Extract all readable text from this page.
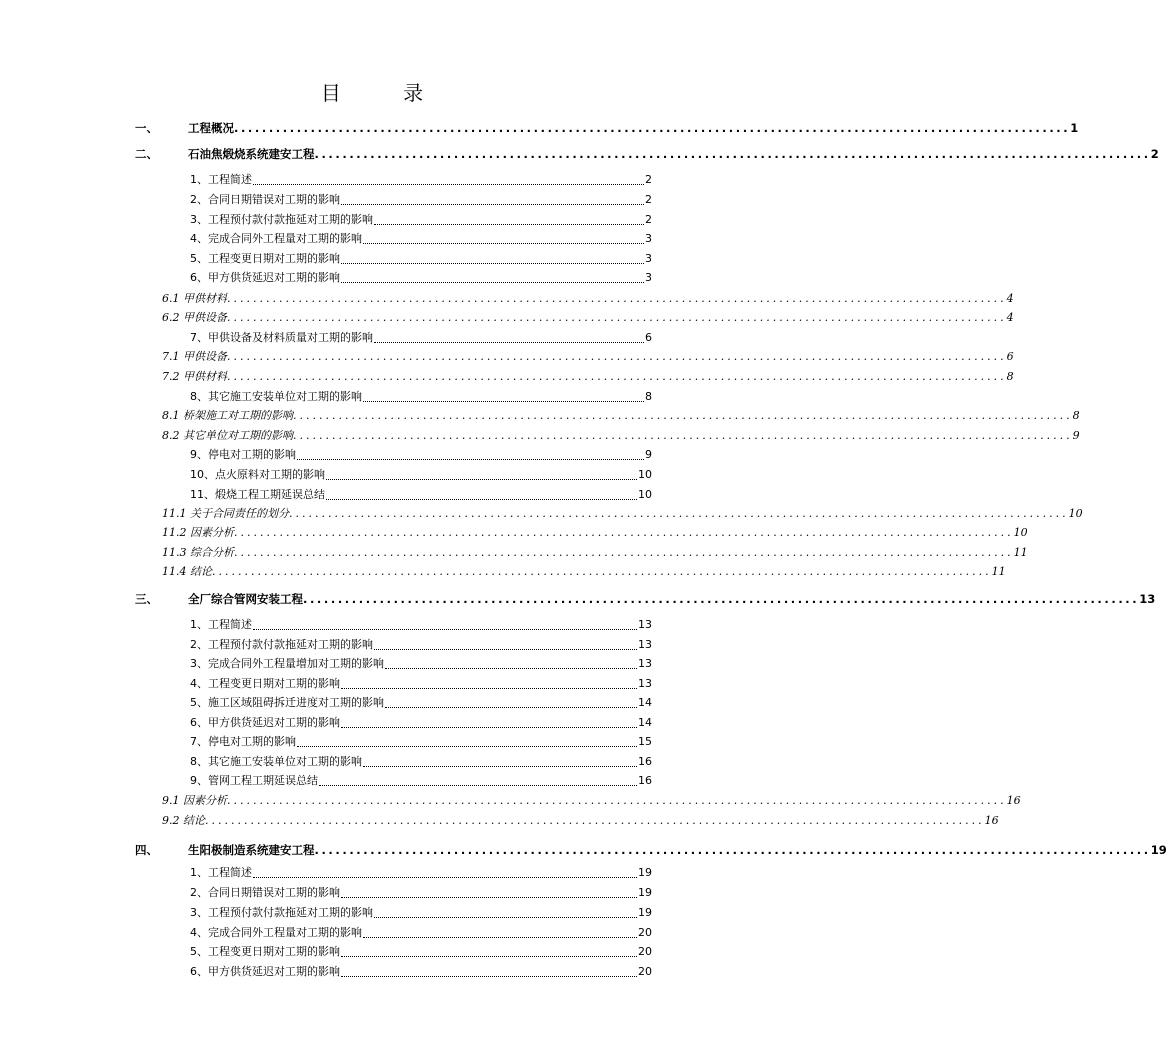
目 录
一、	工程概况 ........................................................................................................................ 1
二、	石油焦煅烧系统建安工程 ........................................................................................................................ 2
1、工程简述	2
2、合同日期错误对工期的影响	2
3、工程预付款付款拖延对工期的影响	2
4、完成合同外工程量对工期的影响	3
5、工程变更日期对工期的影响	3
6、甲方供货延迟对工期的影响	3
6.1 甲供材料 ........................................................................................................................ 4
6.2 甲供设备 ........................................................................................................................ 4
7、甲供设备及材料质量对工期的影响	6
7.1 甲供设备 ........................................................................................................................ 6
7.2 甲供材料 ........................................................................................................................ 8
8、其它施工安装单位对工期的影响	8
8.1 桥架施工对工期的影响 ........................................................................................................................ 8
8.2 其它单位对工期的影响 ........................................................................................................................ 9
9、停电对工期的影响	9
10、点火原料对工期的影响	10
11、煅烧工程工期延误总结	10
11.1 关于合同责任的划分 ........................................................................................................................ 10
11.2 因素分析 ........................................................................................................................ 10
11.3 综合分析 ........................................................................................................................ 11
11.4 结论 ........................................................................................................................ 11
三、	全厂综合管网安装工程 ........................................................................................................................ 13
1、工程简述	13
2、工程预付款付款拖延对工期的影响	13
3、完成合同外工程量增加对工期的影响	13
4、工程变更日期对工期的影响	13
5、施工区域阻碍拆迁进度对工期的影响	14
6、甲方供货延迟对工期的影响	14
7、停电对工期的影响	15
8、其它施工安装单位对工期的影响	16
9、管网工程工期延误总结	16
9.1 因素分析 ........................................................................................................................ 16
9.2 结论 ........................................................................................................................ 16
四、	生阳极制造系统建安工程 ........................................................................................................................ 19
1、工程简述	19
2、合同日期错误对工期的影响	19
3、工程预付款付款拖延对工期的影响	19
4、完成合同外工程量对工期的影响	20
5、工程变更日期对工期的影响	20
6、甲方供货延迟对工期的影响	20
